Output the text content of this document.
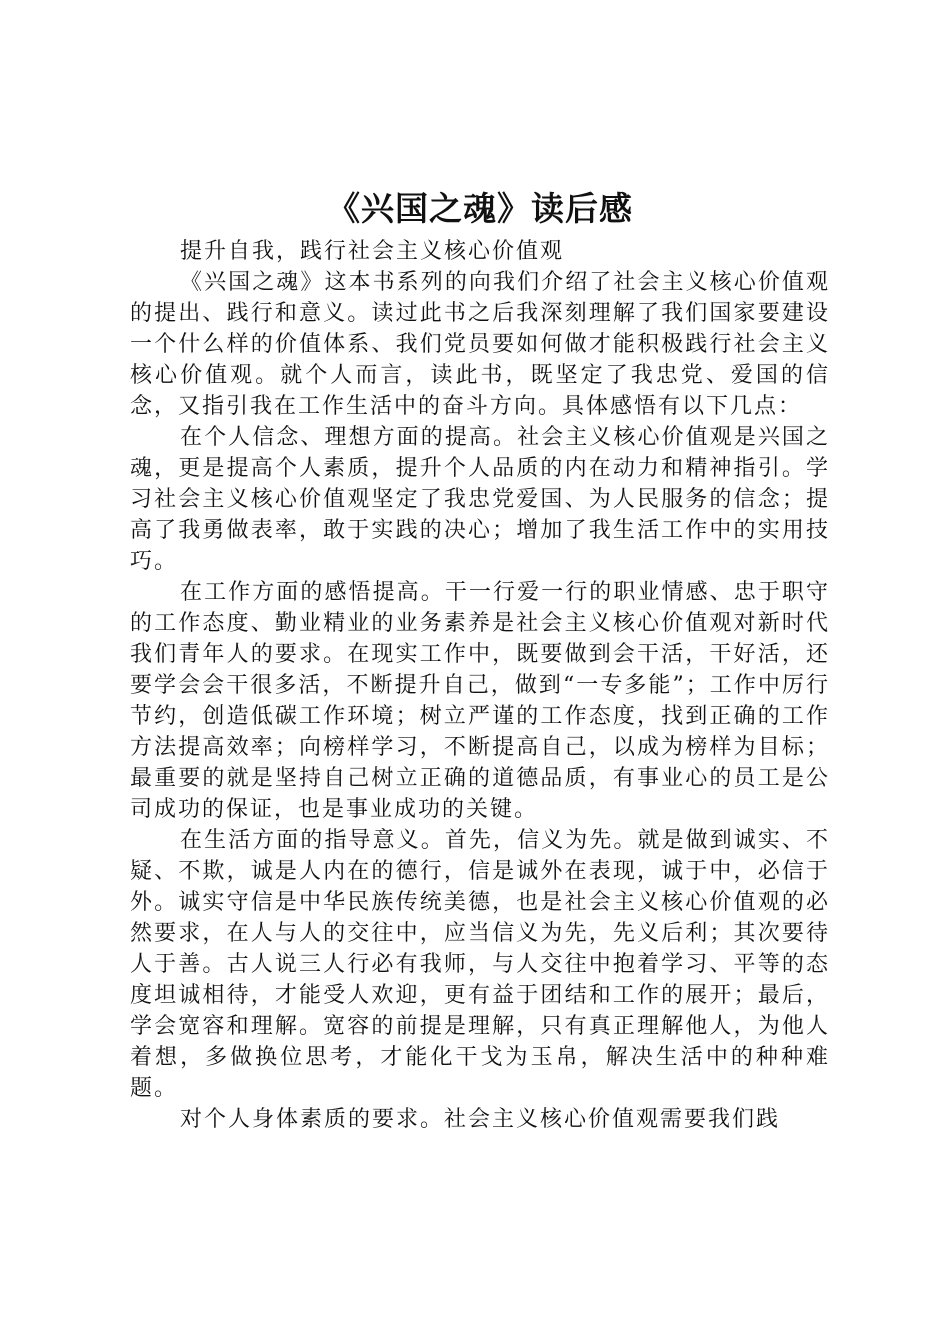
《兴国之魂》读后感

提升自我，践行社会主义核心价值观

《兴国之魂》这本书系列的向我们介绍了社会主义核心价值观的提出、践行和意义。读过此书之后我深刻理解了我们国家要建设一个什么样的价值体系、我们党员要如何做才能积极践行社会主义核心价值观。就个人而言，读此书，既坚定了我忠党、爱国的信念，又指引我在工作生活中的奋斗方向。具体感悟有以下几点：

在个人信念、理想方面的提高。社会主义核心价值观是兴国之魂，更是提高个人素质，提升个人品质的内在动力和精神指引。学习社会主义核心价值观坚定了我忠党爱国、为人民服务的信念；提高了我勇做表率，敢于实践的决心；增加了我生活工作中的实用技巧。

在工作方面的感悟提高。干一行爱一行的职业情感、忠于职守的工作态度、勤业精业的业务素养是社会主义核心价值观对新时代我们青年人的要求。在现实工作中，既要做到会干活，干好活，还要学会会干很多活，不断提升自己，做到“一专多能”；工作中厉行节约，创造低碳工作环境；树立严谨的工作态度，找到正确的工作方法提高效率；向榜样学习，不断提高自己，以成为榜样为目标；最重要的就是坚持自己树立正确的道德品质，有事业心的员工是公司成功的保证，也是事业成功的关键。

在生活方面的指导意义。首先，信义为先。就是做到诚实、不疑、不欺，诚是人内在的德行，信是诚外在表现，诚于中，必信于外。诚实守信是中华民族传统美德，也是社会主义核心价值观的必然要求，在人与人的交往中，应当信义为先，先义后利；其次要待人于善。古人说三人行必有我师，与人交往中抱着学习、平等的态度坦诚相待，才能受人欢迎，更有益于团结和工作的展开；最后，学会宽容和理解。宽容的前提是理解，只有真正理解他人，为他人着想，多做换位思考，才能化干戈为玉帛，解决生活中的种种难题。

对个人身体素质的要求。社会主义核心价值观需要我们践
